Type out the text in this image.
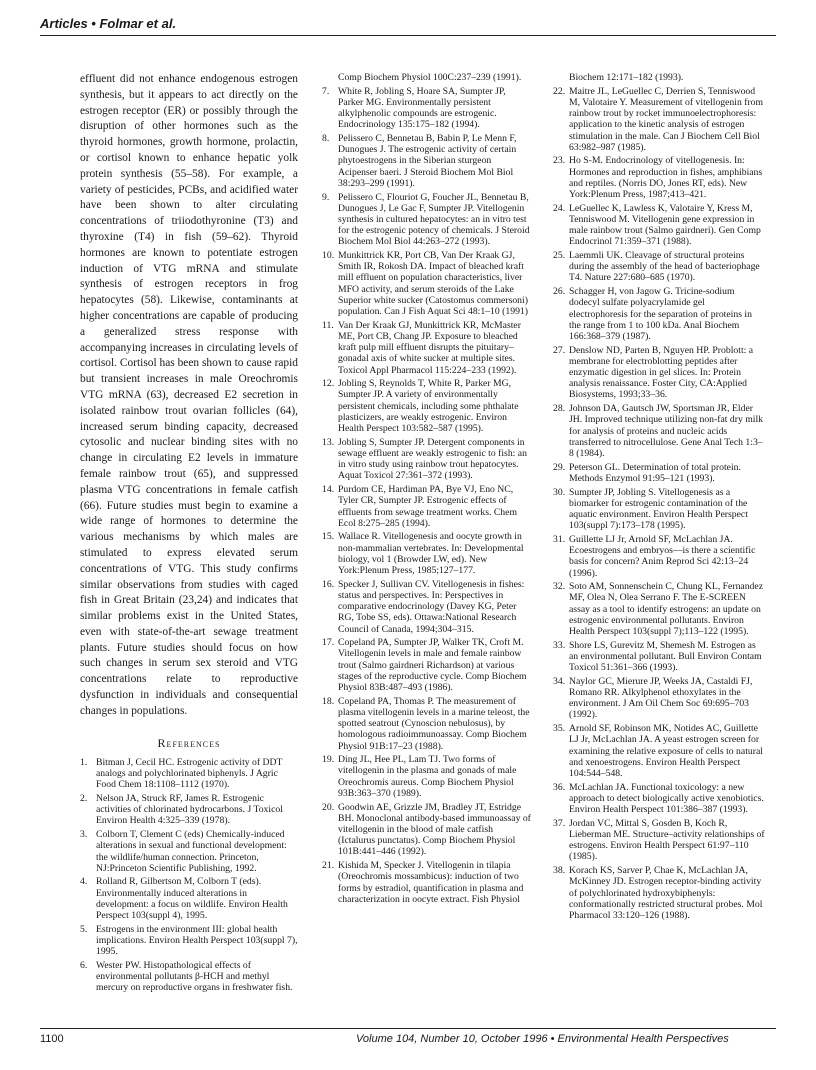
Articles • Folmar et al.

effluent did not enhance endogenous estrogen synthesis, but it appears to act directly on the estrogen receptor (ER) or possibly through the disruption of other hormones such as the thyroid hormones, growth hormone, prolactin, or cortisol known to enhance hepatic yolk protein synthesis (55–58). For example, a variety of pesticides, PCBs, and acidified water have been shown to alter circulating concentrations of triiodothyronine (T3) and thyroxine (T4) in fish (59–62). Thyroid hormones are known to potentiate estrogen induction of VTG mRNA and stimulate synthesis of estrogen receptors in frog hepatocytes (58). Likewise, contaminants at higher concentrations are capable of producing a generalized stress response with accompanying increases in circulating levels of cortisol. Cortisol has been shown to cause rapid but transient increases in male Oreochromis VTG mRNA (63), decreased E2 secretion in isolated rainbow trout ovarian follicles (64), increased serum binding capacity, decreased cytosolic and nuclear binding sites with no change in circulating E2 levels in immature female rainbow trout (65), and suppressed plasma VTG concentrations in female catfish (66). Future studies must begin to examine a wide range of hormones to determine the various mechanisms by which males are stimulated to express elevated serum concentrations of VTG. This study confirms similar observations from studies with caged fish in Great Britain (23,24) and indicates that similar problems exist in the United States, even with state-of-the-art sewage treatment plants. Future studies should focus on how such changes in serum sex steroid and VTG concentrations relate to reproductive dysfunction in individuals and consequential changes in populations.

References
1. Bitman J, Cecil HC. Estrogenic activity of DDT analogs and polychlorinated biphenyls. J Agric Food Chem 18:1108–1112 (1970).
2. Nelson JA, Struck RF, James R. Estrogenic activities of chlorinated hydrocarbons. J Toxicol Environ Health 4:325–339 (1978).
3. Colborn T, Clement C (eds) Chemically-induced alterations in sexual and functional development: the wildlife/human connection. Princeton, NJ:Princeton Scientific Publishing, 1992.
4. Rolland R, Gilbertson M, Colborn T (eds). Environmentally induced alterations in development: a focus on wildlife. Environ Health Perspect 103(suppl 4), 1995.
5. Estrogens in the environment III: global health implications. Environ Health Perspect 103(suppl 7), 1995.
6. Wester PW. Histopathological effects of environmental pollutants β-HCH and methyl mercury on reproductive organs in freshwater fish.
Comp Biochem Physiol 100C:237–239 (1991).
7. White R, Jobling S, Hoare SA, Sumpter JP, Parker MG. Environmentally persistent alkylphenolic compounds are estrogenic. Endocrinology 135:175–182 (1994).
8. Pelissero C, Bennetau B, Babin P, Le Menn F, Dunogues J. The estrogenic activity of certain phytoestrogens in the Siberian sturgeon Acipenser baeri. J Steroid Biochem Mol Biol 38:293–299 (1991).
9. Pelissero C, Flouriot G, Foucher JL, Bennetau B, Dunogues J, Le Gac F, Sumpter JP. Vitellogenin synthesis in cultured hepatocytes: an in vitro test for the estrogenic potency of chemicals. J Steroid Biochem Mol Biol 44:263–272 (1993).
10. Munkittrick KR, Port CB, Van Der Kraak GJ, Smith IR, Rokosh DA. Impact of bleached kraft mill effluent on population characteristics, liver MFO activity, and serum steroids of the Lake Superior white sucker (Catostomus commersoni) population. Can J Fish Aquat Sci 48:1–10 (1991)
11. Van Der Kraak GJ, Munkittrick KR, McMaster ME, Port CB, Chang JP. Exposure to bleached kraft pulp mill effluent disrupts the pituitary–gonadal axis of white sucker at multiple sites. Toxicol Appl Pharmacol 115:224–233 (1992).
12. Jobling S, Reynolds T, White R, Parker MG, Sumpter JP. A variety of environmentally persistent chemicals, including some phthalate plasticizers, are weakly estrogenic. Environ Health Perspect 103:582–587 (1995).
13. Jobling S, Sumpter JP. Detergent components in sewage effluent are weakly estrogenic to fish: an in vitro study using rainbow trout hepatocytes. Aquat Toxicol 27:361–372 (1993).
14. Purdom CE, Hardiman PA, Bye VJ, Eno NC, Tyler CR, Sumpter JP. Estrogenic effects of effluents from sewage treatment works. Chem Ecol 8:275–285 (1994).
15. Wallace R. Vitellogenesis and oocyte growth in non-mammalian vertebrates. In: Developmental biology, vol 1 (Browder LW, ed). New York:Plenum Press, 1985;127–177.
16. Specker J, Sullivan CV. Vitellogenesis in fishes: status and perspectives. In: Perspectives in comparative endocrinology (Davey KG, Peter RG, Tobe SS, eds). Ottawa:National Research Council of Canada, 1994;304–315.
17. Copeland PA, Sumpter JP, Walker TK, Croft M. Vitellogenin levels in male and female rainbow trout (Salmo gairdneri Richardson) at various stages of the reproductive cycle. Comp Biochem Physiol 83B:487–493 (1986).
18. Copeland PA, Thomas P. The measurement of plasma vitellogenin levels in a marine teleost, the spotted seatrout (Cynoscion nebulosus), by homologous radioimmunoassay. Comp Biochem Physiol 91B:17–23 (1988).
19. Ding JL, Hee PL, Lam TJ. Two forms of vitellogenin in the plasma and gonads of male Oreochromis aureus. Comp Biochem Physiol 93B:363–370 (1989).
20. Goodwin AE, Grizzle JM, Bradley JT, Estridge BH. Monoclonal antibody-based immunoassay of vitellogenin in the blood of male catfish (Ictalurus punctatus). Comp Biochem Physiol 101B:441–446 (1992).
21. Kishida M, Specker J. Vitellogenin in tilapia (Oreochromis mossambicus): induction of two forms by estradiol, quantification in plasma and characterization in oocyte extract. Fish Physiol
Biochem 12:171–182 (1993).
22. Maitre JL, LeGuellec C, Derrien S, Tenniswood M, Valotaire Y. Measurement of vitellogenin from rainbow trout by rocket immunoelectrophoresis: application to the kinetic analysis of estrogen stimulation in the male. Can J Biochem Cell Biol 63:982–987 (1985).
23. Ho S-M. Endocrinology of vitellogenesis. In: Hormones and reproduction in fishes, amphibians and reptiles. (Norris DO, Jones RT, eds). New York:Plenum Press, 1987;413–421.
24. LeGuellec K, Lawless K, Valotaire Y, Kress M, Tenniswood M. Vitellogenin gene expression in male rainbow trout (Salmo gairdneri). Gen Comp Endocrinol 71:359–371 (1988).
25. Laemmli UK. Cleavage of structural proteins during the assembly of the head of bacteriophage T4. Nature 227:680–685 (1970).
26. Schagger H, von Jagow G. Tricine-sodium dodecyl sulfate polyacrylamide gel electrophoresis for the separation of proteins in the range from 1 to 100 kDa. Anal Biochem 166:368–379 (1987).
27. Denslow ND, Parten B, Nguyen HP. Problott: a membrane for electroblotting peptides after enzymatic digestion in gel slices. In: Protein analysis renaissance. Foster City, CA:Applied Biosystems, 1993;33–36.
28. Johnson DA, Gautsch JW, Sportsman JR, Elder JH. Improved technique utilizing non-fat dry milk for analysis of proteins and nucleic acids transferred to nitrocellulose. Gene Anal Tech 1:3–8 (1984).
29. Peterson GL. Determination of total protein. Methods Enzymol 91:95–121 (1993).
30. Sumpter JP, Jobling S. Vitellogenesis as a biomarker for estrogenic contamination of the aquatic environment. Environ Health Perspect 103(suppl 7):173–178 (1995).
31. Guillette LJ Jr, Arnold SF, McLachlan JA. Ecoestrogens and embryos—is there a scientific basis for concern? Anim Reprod Sci 42:13–24 (1996).
32. Soto AM, Sonnenschein C, Chung KL, Fernandez MF, Olea N, Olea Serrano F. The E-SCREEN assay as a tool to identify estrogens: an update on estrogenic environmental pollutants. Environ Health Perspect 103(suppl 7);113–122 (1995).
33. Shore LS, Gurevitz M, Shemesh M. Estrogen as an environmental pollutant. Bull Environ Contam Toxicol 51:361–366 (1993).
34. Naylor GC, Mierure JP, Weeks JA, Castaldi FJ, Romano RR. Alkylphenol ethoxylates in the environment. J Am Oil Chem Soc 69:695–703 (1992).
35. Arnold SF, Robinson MK, Notides AC, Guillette LJ Jr, McLachlan JA. A yeast estrogen screen for examining the relative exposure of cells to natural and xenoestrogens. Environ Health Perspect 104:544–548.
36. McLachlan JA. Functional toxicology: a new approach to detect biologically active xenobiotics. Environ Health Perspect 101:386–387 (1993).
37. Jordan VC, Mittal S, Gosden B, Koch R, Lieberman ME. Structure–activity relationships of estrogens. Environ Health Perspect 61:97–110 (1985).
38. Korach KS, Sarver P, Chae K, McLachlan JA, McKinney JD. Estrogen receptor-binding activity of polychlorinated hydroxybiphenyls: conformationally restricted structural probes. Mol Pharmacol 33:120–126 (1988).
1100	Volume 104, Number 10, October 1996 • Environmental Health Perspectives
